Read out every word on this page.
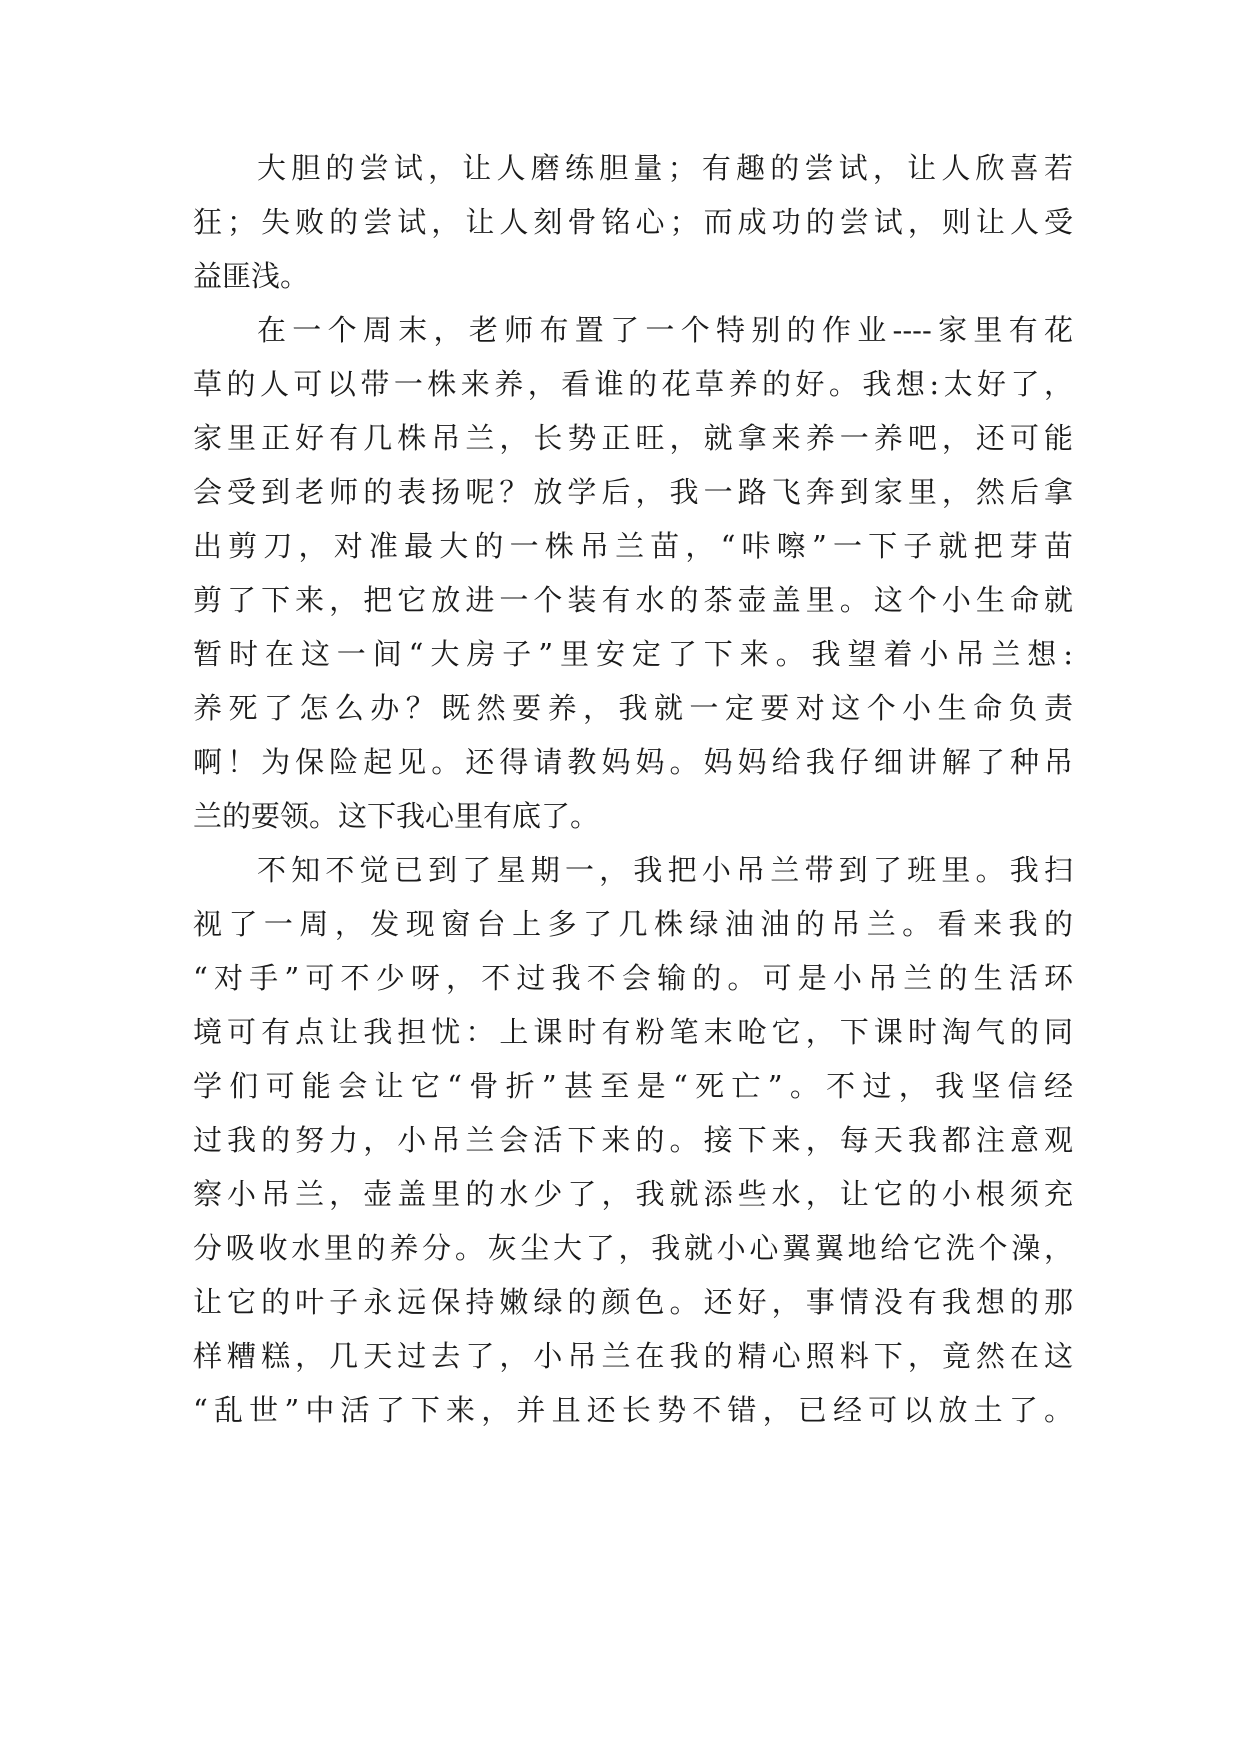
大胆的尝试，让人磨练胆量；有趣的尝试，让人欣喜若
狂；失败的尝试，让人刻骨铭心；而成功的尝试，则让人受
益匪浅。
在一个周末，老师布置了一个特别的作业----家里有花
草的人可以带一株来养，看谁的花草养的好。我想:太好了，
家里正好有几株吊兰，长势正旺，就拿来养一养吧，还可能
会受到老师的表扬呢？放学后，我一路飞奔到家里，然后拿
出剪刀，对准最大的一株吊兰苗，“咔嚓”一下子就把芽苗
剪了下来，把它放进一个装有水的茶壶盖里。这个小生命就
暂时在这一间“大房子”里安定了下来。我望着小吊兰想:
养死了怎么办？既然要养，我就一定要对这个小生命负责
啊！为保险起见。还得请教妈妈。妈妈给我仔细讲解了种吊
兰的要领。这下我心里有底了。
不知不觉已到了星期一，我把小吊兰带到了班里。我扫
视了一周，发现窗台上多了几株绿油油的吊兰。看来我的
“对手”可不少呀，不过我不会输的。可是小吊兰的生活环
境可有点让我担忧：上课时有粉笔末呛它，下课时淘气的同
学们可能会让它“骨折”甚至是“死亡”。不过，我坚信经
过我的努力，小吊兰会活下来的。接下来，每天我都注意观
察小吊兰，壶盖里的水少了，我就添些水，让它的小根须充
分吸收水里的养分。灰尘大了，我就小心翼翼地给它洗个澡，
让它的叶子永远保持嫩绿的颜色。还好，事情没有我想的那
样糟糕，几天过去了，小吊兰在我的精心照料下，竟然在这
“乱世”中活了下来，并且还长势不错，已经可以放土了。
